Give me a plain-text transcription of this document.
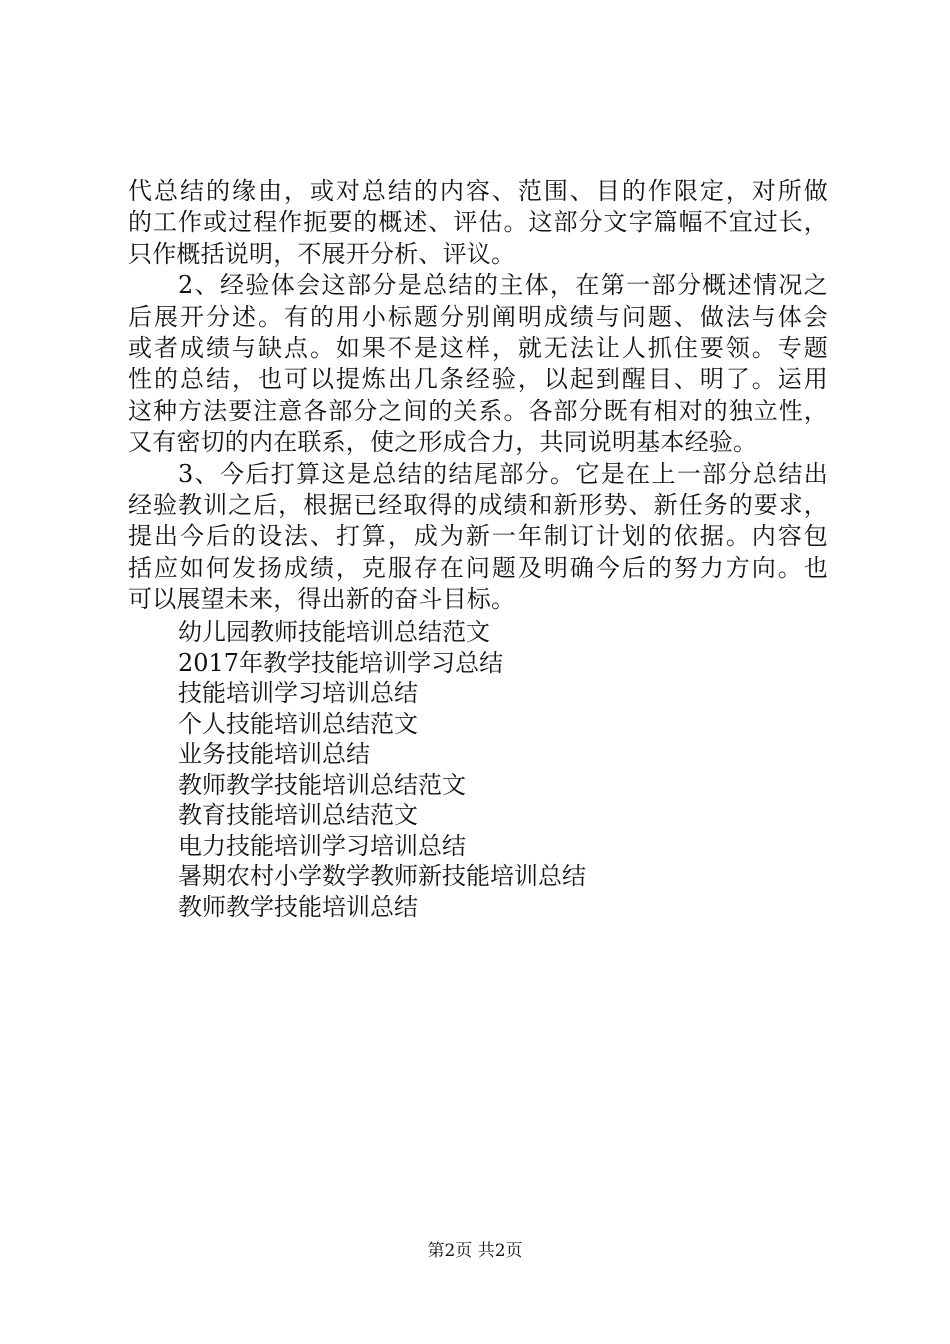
代总结的缘由，或对总结的内容、范围、目的作限定，对所做
的工作或过程作扼要的概述、评估。这部分文字篇幅不宜过长，
只作概括说明，不展开分析、评议。
2、经验体会这部分是总结的主体，在第一部分概述情况之
后展开分述。有的用小标题分别阐明成绩与问题、做法与体会
或者成绩与缺点。如果不是这样，就无法让人抓住要领。专题
性的总结，也可以提炼出几条经验，以起到醒目、明了。运用
这种方法要注意各部分之间的关系。各部分既有相对的独立性，
又有密切的内在联系，使之形成合力，共同说明基本经验。
3、今后打算这是总结的结尾部分。它是在上一部分总结出
经验教训之后，根据已经取得的成绩和新形势、新任务的要求，
提出今后的设法、打算，成为新一年制订计划的依据。内容包
括应如何发扬成绩，克服存在问题及明确今后的努力方向。也
可以展望未来，得出新的奋斗目标。
幼儿园教师技能培训总结范文
2017年教学技能培训学习总结
技能培训学习培训总结
个人技能培训总结范文
业务技能培训总结
教师教学技能培训总结范文
教育技能培训总结范文
电力技能培训学习培训总结
暑期农村小学数学教师新技能培训总结
教师教学技能培训总结
第2页 共2页
